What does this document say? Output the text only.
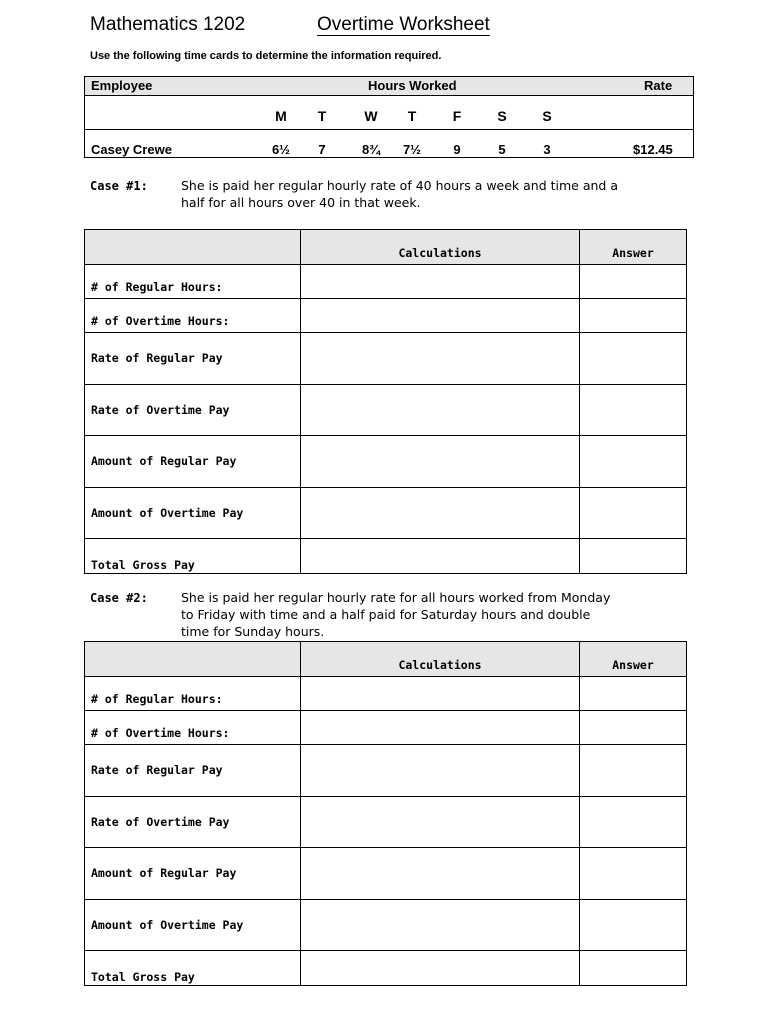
Mathematics 1202	Overtime Worksheet
Use the following time cards to determine the information required.
Employee	Hours Worked	Rate
M	T	W	T	F	S	S
Casey Crewe	6½	7	8¾	7½	9	5	3	$12.45
Case #1:	She is paid her regular hourly rate of 40 hours a week and time and a
half for all hours over 40 in that week.
	Calculations	Answer
# of Regular Hours:		
# of Overtime Hours:		
Rate of Regular Pay		
Rate of Overtime Pay		
Amount of Regular Pay		
Amount of Overtime Pay		
Total Gross Pay		
Case #2:	She is paid her regular hourly rate for all hours worked from Monday
to Friday with time and a half paid for Saturday hours and double
time for Sunday hours.
	Calculations	Answer
# of Regular Hours:		
# of Overtime Hours:		
Rate of Regular Pay		
Rate of Overtime Pay		
Amount of Regular Pay		
Amount of Overtime Pay		
Total Gross Pay		
